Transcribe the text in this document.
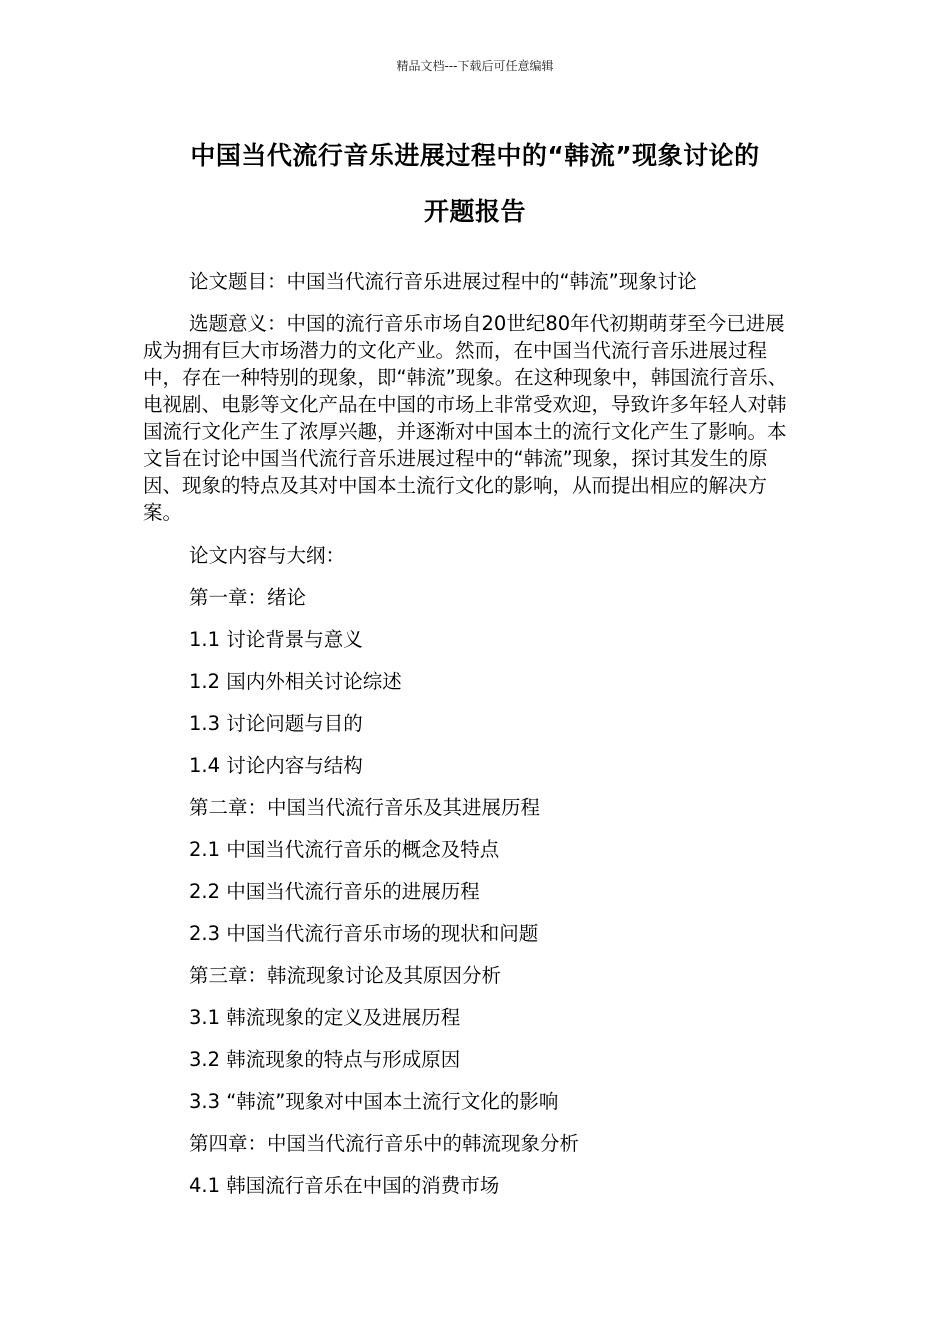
精品文档---下载后可任意编辑
中国当代流行音乐进展过程中的“韩流”现象讨论的
开题报告

论文题目：中国当代流行音乐进展过程中的“韩流”现象讨论

选题意义：中国的流行音乐市场自20世纪80年代初期萌芽至今已进展成为拥有巨大市场潜力的文化产业。然而，在中国当代流行音乐进展过程中，存在一种特别的现象，即“韩流”现象。在这种现象中，韩国流行音乐、电视剧、电影等文化产品在中国的市场上非常受欢迎，导致许多年轻人对韩国流行文化产生了浓厚兴趣，并逐渐对中国本土的流行文化产生了影响。本文旨在讨论中国当代流行音乐进展过程中的“韩流”现象，探讨其发生的原因、现象的特点及其对中国本土流行文化的影响，从而提出相应的解决方案。

论文内容与大纲：

第一章：绪论

1.1 讨论背景与意义

1.2 国内外相关讨论综述

1.3 讨论问题与目的

1.4 讨论内容与结构

第二章：中国当代流行音乐及其进展历程

2.1 中国当代流行音乐的概念及特点

2.2 中国当代流行音乐的进展历程

2.3 中国当代流行音乐市场的现状和问题

第三章：韩流现象讨论及其原因分析

3.1 韩流现象的定义及进展历程

3.2 韩流现象的特点与形成原因

3.3 “韩流”现象对中国本土流行文化的影响

第四章：中国当代流行音乐中的韩流现象分析

4.1 韩国流行音乐在中国的消费市场
